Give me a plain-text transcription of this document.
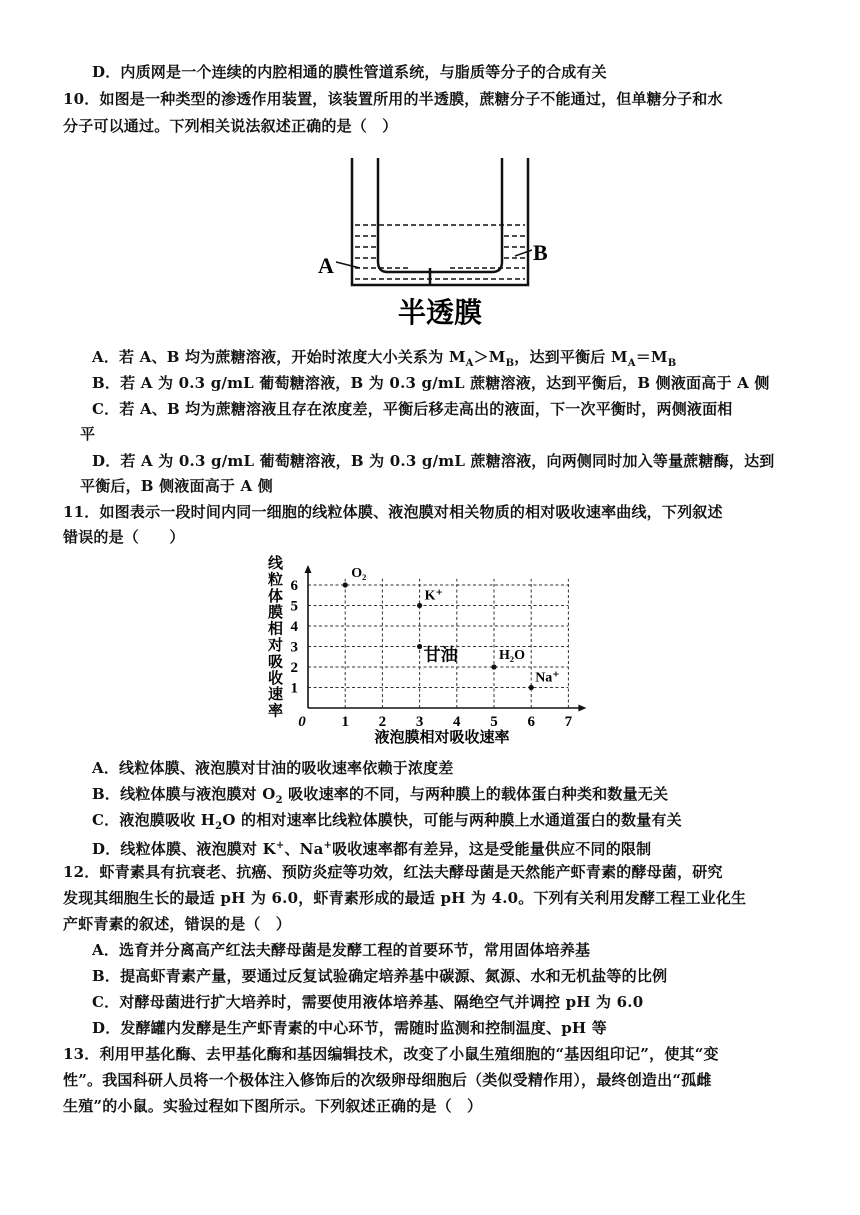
D．内质网是一个连续的内腔相通的膜性管道系统，与脂质等分子的合成有关
10．如图是一种类型的渗透作用装置，该装置所用的半透膜，蔗糖分子不能通过，但单糖分子和水
分子可以通过。下列相关说法叙述正确的是（　）
A
B
半透膜
A．若 A、B 均为蔗糖溶液，开始时浓度大小关系为 $M_A>M_B$，达到平衡后 $M_A=M_B$
B．若 A 为 0.3 g/mL 葡萄糖溶液，B 为 0.3 g/mL 蔗糖溶液，达到平衡后，B 侧液面高于 A 侧
C．若 A、B 均为蔗糖溶液且存在浓度差，平衡后移走高出的液面，下一次平衡时，两侧液面相
平
D．若 A 为 0.3 g/mL 葡萄糖溶液，B 为 0.3 g/mL 蔗糖溶液，向两侧同时加入等量蔗糖酶，达到
平衡后，B 侧液面高于 A 侧
11．如图表示一段时间内同一细胞的线粒体膜、液泡膜对相关物质的相对吸收速率曲线，下列叙述
错误的是（　　）
0 1 2 3 4 5 6 7
1
2
3
4
5
6
O₂
K⁺
甘油	H₂O
Na⁺
液泡膜相对吸收速率
线粒体膜相对吸收速率
A．线粒体膜、液泡膜对甘油的吸收速率依赖于浓度差
B．线粒体膜与液泡膜对 $O_2$ 吸收速率的不同，与两种膜上的载体蛋白种类和数量无关
C．液泡膜吸收 $H_2O$ 的相对速率比线粒体膜快，可能与两种膜上水通道蛋白的数量有关
D．线粒体膜、液泡膜对 K+、Na+吸收速率都有差异，这是受能量供应不同的限制
12．虾青素具有抗衰老、抗癌、预防炎症等功效，红法夫酵母菌是天然能产虾青素的酵母菌，研究
发现其细胞生长的最适 pH 为 6.0，虾青素形成的最适 pH 为 4.0。下列有关利用发酵工程工业化生
产虾青素的叙述，错误的是（　）
A．选育并分离高产红法夫酵母菌是发酵工程的首要环节，常用固体培养基
B．提高虾青素产量，要通过反复试验确定培养基中碳源、氮源、水和无机盐等的比例
C．对酵母菌进行扩大培养时，需要使用液体培养基、隔绝空气并调控 pH 为 6.0
D．发酵罐内发酵是生产虾青素的中心环节，需随时监测和控制温度、pH 等
13．利用甲基化酶、去甲基化酶和基因编辑技术，改变了小鼠生殖细胞的“基因组印记”，使其“变
性”。我国科研人员将一个极体注入修饰后的次级卵母细胞后（类似受精作用），最终创造出“孤雌
生殖”的小鼠。实验过程如下图所示。下列叙述正确的是（　）
